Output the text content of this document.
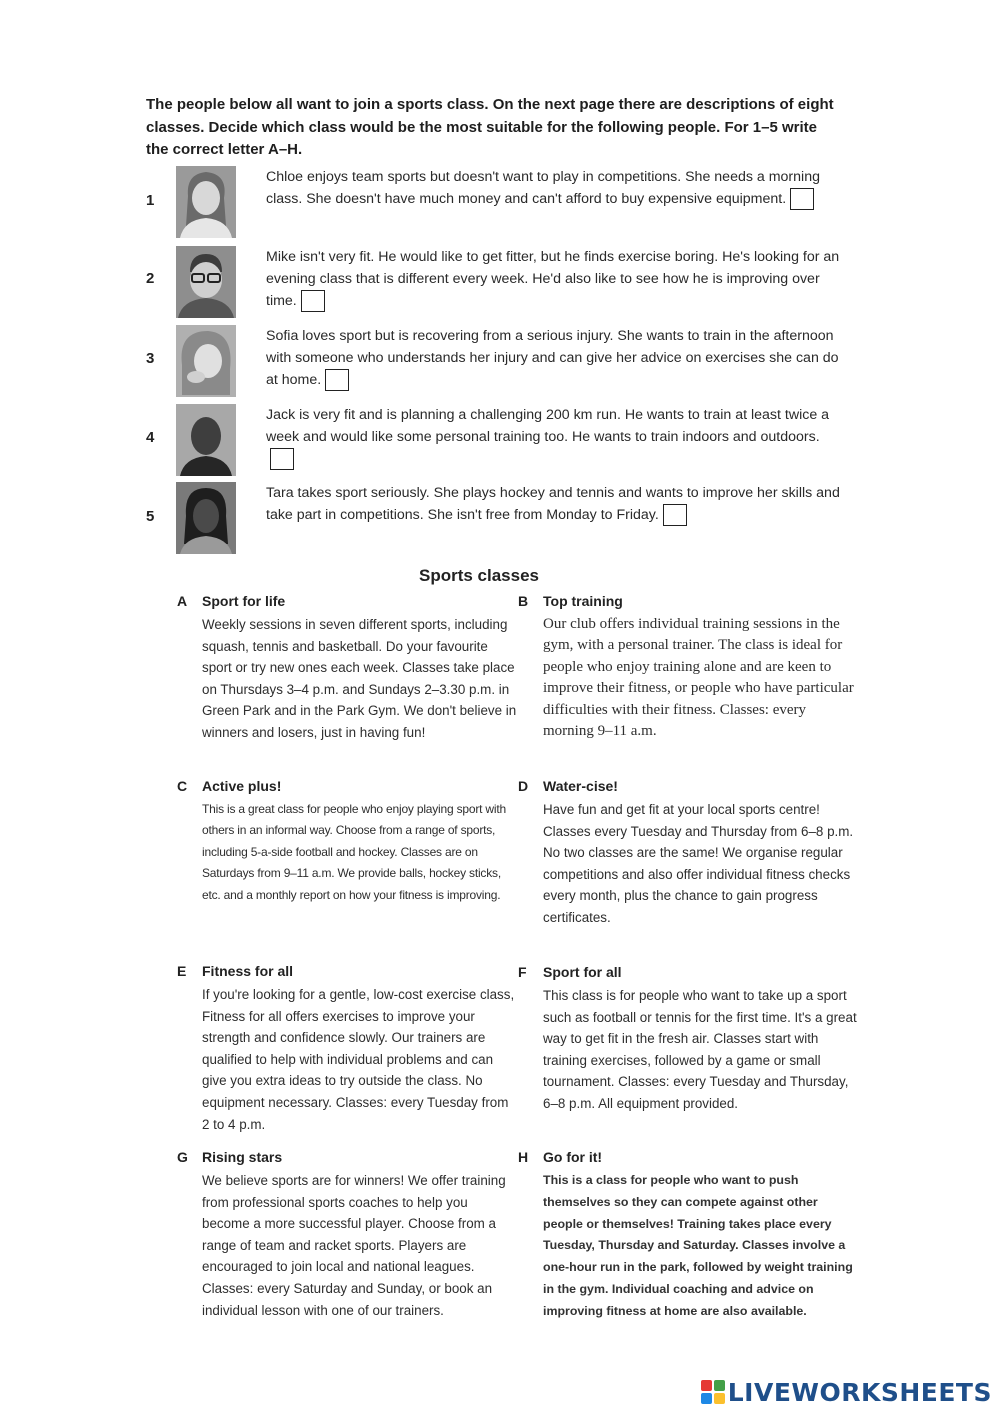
The people below all want to join a sports class. On the next page there are descriptions of eight classes. Decide which class would be the most suitable for the following people. For 1–5 write the correct letter A–H.

1
Chloe enjoys team sports but doesn't want to play in competitions. She needs a morning class. She doesn't have much money and can't afford to buy expensive equipment.
2
Mike isn't very fit. He would like to get fitter, but he finds exercise boring. He's looking for an evening class that is different every week. He'd also like to see how he is improving over time.
3
Sofia loves sport but is recovering from a serious injury. She wants to train in the afternoon with someone who understands her injury and can give her advice on exercises she can do at home.
4
Jack is very fit and is planning a challenging 200 km run. He wants to train at least twice a week and would like some personal training too. He wants to train indoors and outdoors.
5
Tara takes sport seriously. She plays hockey and tennis and wants to improve her skills and take part in competitions. She isn't free from Monday to Friday.
Sports classes
A Sport for life
Weekly sessions in seven different sports, including squash, tennis and basketball. Do your favourite sport or try new ones each week. Classes take place on Thursdays 3–4 p.m. and Sundays 2–3.30 p.m. in Green Park and in the Park Gym. We don't believe in winners and losers, just in having fun!
B Top training
Our club offers individual training sessions in the gym, with a personal trainer. The class is ideal for people who enjoy training alone and are keen to improve their fitness, or people who have particular difficulties with their fitness. Classes: every morning 9–11 a.m.
C Active plus!
This is a great class for people who enjoy playing sport with others in an informal way. Choose from a range of sports, including 5-a-side football and hockey. Classes are on Saturdays from 9–11 a.m. We provide balls, hockey sticks, etc. and a monthly report on how your fitness is improving.
D Water-cise!
Have fun and get fit at your local sports centre! Classes every Tuesday and Thursday from 6–8 p.m. No two classes are the same! We organise regular competitions and also offer individual fitness checks every month, plus the chance to gain progress certificates.
E Fitness for all
If you're looking for a gentle, low-cost exercise class, Fitness for all offers exercises to improve your strength and confidence slowly. Our trainers are qualified to help with individual problems and can give you extra ideas to try outside the class. No equipment necessary. Classes: every Tuesday from 2 to 4 p.m.
F Sport for all
This class is for people who want to take up a sport such as football or tennis for the first time. It's a great way to get fit in the fresh air. Classes start with training exercises, followed by a game or small tournament. Classes: every Tuesday and Thursday, 6–8 p.m. All equipment provided.
G Rising stars
We believe sports are for winners! We offer training from professional sports coaches to help you become a more successful player. Choose from a range of team and racket sports. Players are encouraged to join local and national leagues. Classes: every Saturday and Sunday, or book an individual lesson with one of our trainers.
H Go for it!
This is a class for people who want to push themselves so they can compete against other people or themselves! Training takes place every Tuesday, Thursday and Saturday. Classes involve a one-hour run in the park, followed by weight training in the gym. Individual coaching and advice on improving fitness at home are also available.
LIVEWORKSHEETS
